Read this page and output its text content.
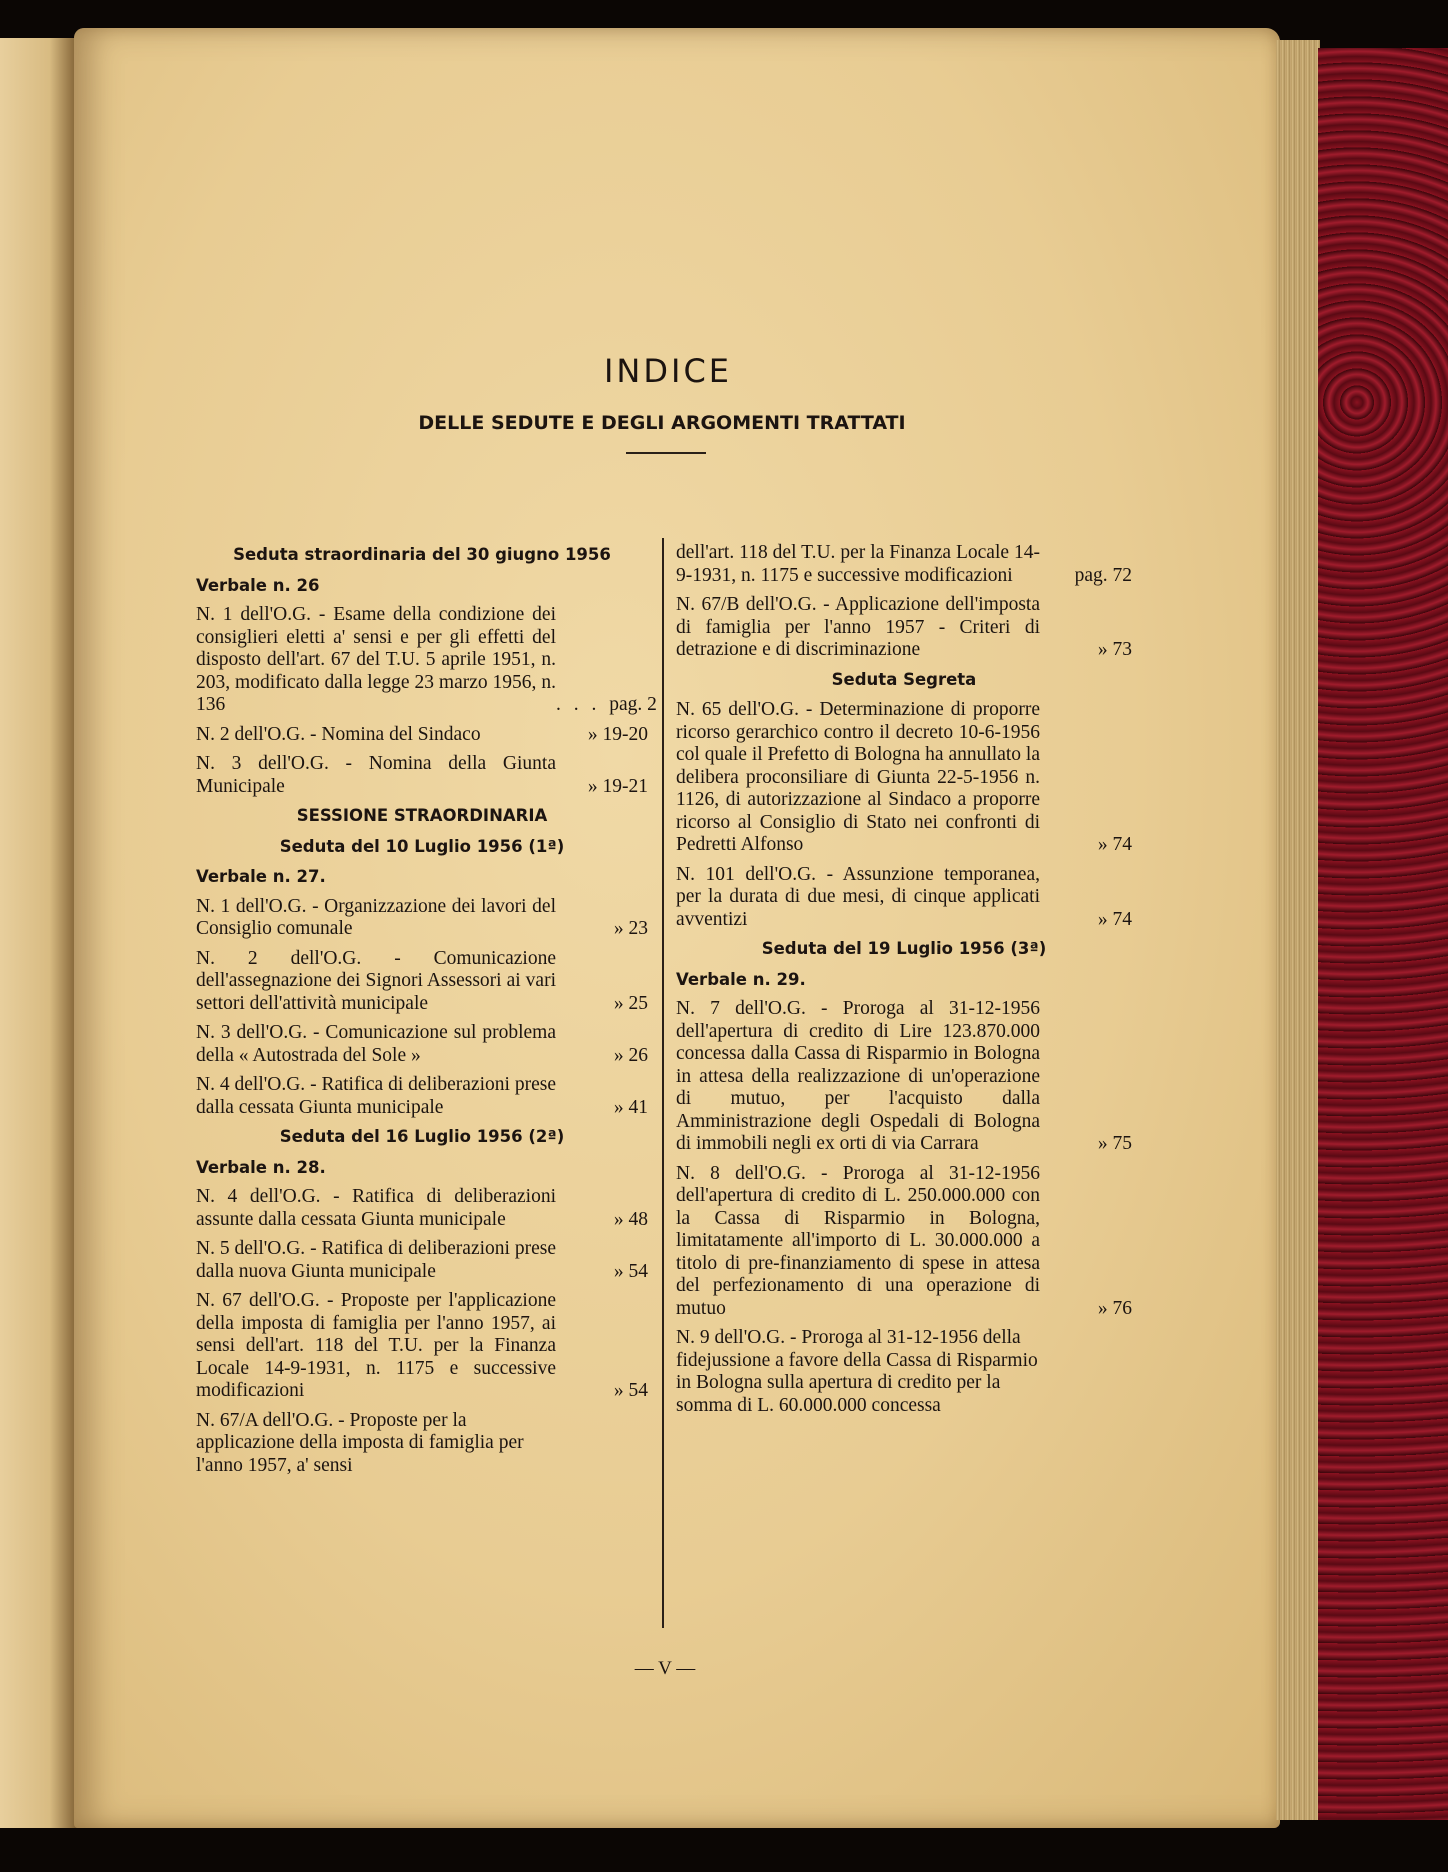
INDICE
DELLE SEDUTE E DEGLI ARGOMENTI TRATTATI
Seduta straordinaria del 30 giugno 1956
Verbale n. 26
N. 1 dell'O.G. - Esame della condizione dei consiglieri eletti a' sensi e per gli effetti del disposto dell'art. 67 del T.U. 5 aprile 1951, n. 203, modificato dalla legge 23 marzo 1956, n. 136	. . . pag. 2
N. 2 dell'O.G. - Nomina del Sindaco	» 19-20
N. 3 dell'O.G. - Nomina della Giunta Municipale	» 19-21
SESSIONE STRAORDINARIA
Seduta del 10 Luglio 1956 (1ª)
Verbale n. 27.
N. 1 dell'O.G. - Organizzazione dei lavori del Consiglio comunale	» 23
N. 2 dell'O.G. - Comunicazione dell'assegnazione dei Signori Assessori ai vari settori dell'attività municipale	» 25
N. 3 dell'O.G. - Comunicazione sul problema della « Autostrada del Sole »	» 26
N. 4 dell'O.G. - Ratifica di deliberazioni prese dalla cessata Giunta municipale	» 41
Seduta del 16 Luglio 1956 (2ª)
Verbale n. 28.
N. 4 dell'O.G. - Ratifica di deliberazioni assunte dalla cessata Giunta municipale	» 48
N. 5 dell'O.G. - Ratifica di deliberazioni prese dalla nuova Giunta municipale	» 54
N. 67 dell'O.G. - Proposte per l'applicazione della imposta di famiglia per l'anno 1957, ai sensi dell'art. 118 del T.U. per la Finanza Locale 14-9-1931, n. 1175 e successive modificazioni	» 54
N. 67/A dell'O.G. - Proposte per la applicazione della imposta di famiglia per l'anno 1957, a' sensi
dell'art. 118 del T.U. per la Finanza Locale 14-9-1931, n. 1175 e successive modificazioni	pag. 72
N. 67/B dell'O.G. - Applicazione dell'imposta di famiglia per l'anno 1957 - Criteri di detrazione e di discriminazione	» 73
Seduta Segreta
N. 65 dell'O.G. - Determinazione di proporre ricorso gerarchico contro il decreto 10-6-1956 col quale il Prefetto di Bologna ha annullato la delibera proconsiliare di Giunta 22-5-1956 n. 1126, di autorizzazione al Sindaco a proporre ricorso al Consiglio di Stato nei confronti di Pedretti Alfonso	» 74
N. 101 dell'O.G. - Assunzione temporanea, per la durata di due mesi, di cinque applicati avventizi	» 74
Seduta del 19 Luglio 1956 (3ª)
Verbale n. 29.
N. 7 dell'O.G. - Proroga al 31-12-1956 dell'apertura di credito di Lire 123.870.000 concessa dalla Cassa di Risparmio in Bologna in attesa della realizzazione di un'operazione di mutuo, per l'acquisto dalla Amministrazione degli Ospedali di Bologna di immobili negli ex orti di via Carrara	» 75
N. 8 dell'O.G. - Proroga al 31-12-1956 dell'apertura di credito di L. 250.000.000 con la Cassa di Risparmio in Bologna, limitatamente all'importo di L. 30.000.000 a titolo di pre-finanziamento di spese in attesa del perfezionamento di una operazione di mutuo	» 76
N. 9 dell'O.G. - Proroga al 31-12-1956 della fidejussione a favore della Cassa di Risparmio in Bologna sulla apertura di credito per la somma di L. 60.000.000 concessa
— V —
